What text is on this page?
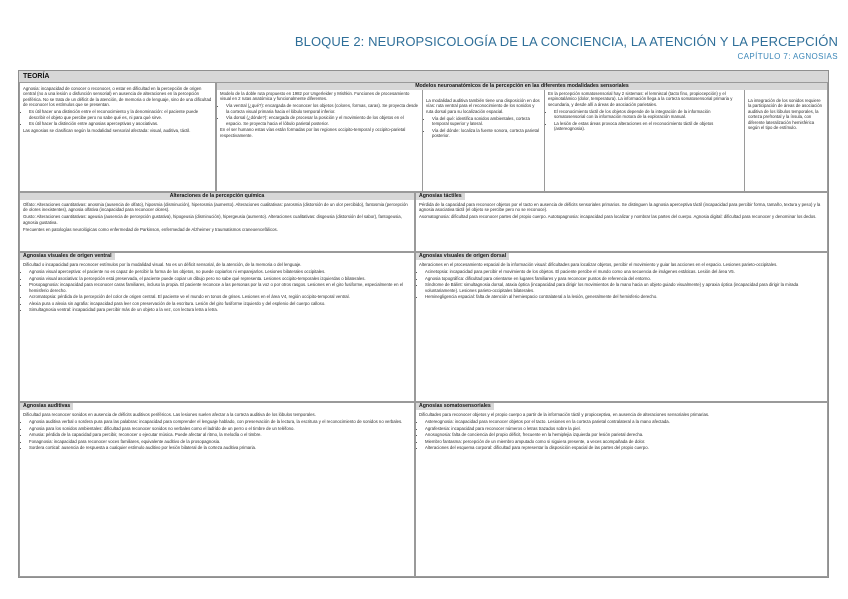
BLOQUE 2: NEUROPSICOLOGÍA DE LA CONCIENCIA, LA ATENCIÓN Y LA PERCEPCIÓN
CAPÍTULO 7: AGNOSIAS
TEORÍA

Agnosia: incapacidad de conocer o reconocer, o estar en dificultad en la percepción de origen central (no a una lesión o disfunción sensorial) en ausencia de alteraciones en la percepción periférica. No se trata de un déficit de la atención, de memoria o de lenguaje, sino de una dificultad de reconocer los estímulos que se presentan.

• Es útil hacer una distinción entre el reconocimiento y la denominación: el paciente puede describir el objeto que percibe pero no sabe qué es, ni para qué sirve.
• Es útil hacer la distinción entre agnosias aperceptivas y asociativas.

Las agnosias se clasifican según la modalidad sensorial afectada: visual, auditiva, táctil.

Modelos neuroanatómicos de la percepción en las diferentes modalidades sensoriales

Modelo de la doble ruta propuesto en 1982 por Ungerleider y Mishkin. Funciones de procesamiento visual en 2 rutas anatómica y funcionalmente diferentes.

• Vía ventral (¿qué?): encargada de reconocer los objetos (colores, formas, caras). Se proyecta desde la corteza visual primaria hacia el lóbulo temporal inferior.
• Vía dorsal (¿dónde?): encargada de procesar la posición y el movimiento de los objetos en el espacio. Se proyecta hacia el lóbulo parietal posterior.

En el ser humano estas vías están formadas por las regiones occipito-temporal y occipito-parietal respectivamente.

La modalidad auditiva también tiene una disposición en dos vías: ruta ventral para el reconocimiento de los sonidos y ruta dorsal para su localización espacial.

• Vía del qué: identifica sonidos ambientales, corteza temporal superior y lateral.
• Vía del dónde: localiza la fuente sonora, corteza parietal posterior.

En la percepción somatosensorial hay 2 sistemas: el lemniscal (tacto fino, propiocepción) y el espinotalámico (dolor, temperatura). La información llega a la corteza somatosensorial primaria y secundaria, y desde allí a áreas de asociación parietales.

• El reconocimiento táctil de los objetos depende de la integración de la información somatosensorial con la información motora de la exploración manual.
• La lesión de estas áreas provoca alteraciones en el reconocimiento táctil de objetos (astereognosia).

La integración de los sonidos requiere la participación de áreas de asociación auditiva de los lóbulos temporales, la corteza prefrontal y la ínsula, con diferente lateralización hemisférica según el tipo de estímulo.

Alteraciones de la percepción química

Olfato: Alteraciones cuantitativas: anosmia (ausencia de olfato), hiposmia (disminución), hiperosmia (aumento). Alteraciones cualitativas: parosmia (distorsión de un olor percibido), fantosmia (percepción de olores inexistentes), agnosia olfativa (incapacidad para reconocer olores).

Gusto: Alteraciones cuantitativas: ageusia (ausencia de percepción gustativa), hipogeusia (disminución), hipergeusia (aumento). Alteraciones cualitativas: disgeusia (distorsión del sabor), fantogeusia, agnosia gustativa.

Frecuentes en patologías neurológicas como enfermedad de Parkinson, enfermedad de Alzheimer y traumatismos craneoencefálicos.

Agnosias táctiles

Pérdida de la capacidad para reconocer objetos por el tacto en ausencia de déficits sensoriales primarios. Se distinguen la agnosia aperceptiva táctil (incapacidad para percibir forma, tamaño, textura y peso) y la agnosia asociativa táctil (el objeto se percibe pero no se reconoce).

Asomatognosia: dificultad para reconocer partes del propio cuerpo. Autotopagnosia: incapacidad para localizar y nombrar las partes del cuerpo. Agnosia digital: dificultad para reconocer y denominar los dedos.

Agnosias visuales de origen ventral

Dificultad o incapacidad para reconocer estímulos por la modalidad visual. No es un déficit sensorial, de la atención, de la memoria o del lenguaje.

• Agnosia visual aperceptiva: el paciente no es capaz de percibir la forma de los objetos, no puede copiarlos ni emparejarlos. Lesiones bilaterales occipitales.
• Agnosia visual asociativa: la percepción está preservada, el paciente puede copiar un dibujo pero no sabe qué representa. Lesiones occipito-temporales izquierdas o bilaterales.
• Prosopagnosia: incapacidad para reconocer caras familiares, incluso la propia. El paciente reconoce a las personas por la voz o por otros rasgos. Lesiones en el giro fusiforme, especialmente en el hemisferio derecho.
• Acromatopsia: pérdida de la percepción del color de origen central. El paciente ve el mundo en tonos de grises. Lesiones en el área V4, región occipito-temporal ventral.
• Alexia pura o alexia sin agrafia: incapacidad para leer con preservación de la escritura. Lesión del giro fusiforme izquierdo y del esplenio del cuerpo calloso.
• Simultagnosia ventral: incapacidad para percibir más de un objeto a la vez, con lectura letra a letra.
Agnosias visuales de origen dorsal

Alteraciones en el procesamiento espacial de la información visual: dificultades para localizar objetos, percibir el movimiento y guiar las acciones en el espacio. Lesiones parieto-occipitales.

• Acinetopsia: incapacidad para percibir el movimiento de los objetos. El paciente percibe el mundo como una secuencia de imágenes estáticas. Lesión del área V5.
• Agnosia topográfica: dificultad para orientarse en lugares familiares y para reconocer puntos de referencia del entorno.
• Síndrome de Bálint: simultagnosia dorsal, ataxia óptica (incapacidad para dirigir los movimientos de la mano hacia un objeto guiado visualmente) y apraxia óptica (incapacidad para dirigir la mirada voluntariamente). Lesiones parieto-occipitales bilaterales.
• Heminegligencia espacial: falta de atención al hemiespacio contralateral a la lesión, generalmente del hemisferio derecho.
Agnosias auditivas

Dificultad para reconocer sonidos en ausencia de déficits auditivos periféricos. Las lesiones suelen afectar a la corteza auditiva de los lóbulos temporales.

• Agnosia auditiva verbal o sordera pura para las palabras: incapacidad para comprender el lenguaje hablado, con preservación de la lectura, la escritura y el reconocimiento de sonidos no verbales.
• Agnosia para los sonidos ambientales: dificultad para reconocer sonidos no verbales como el ladrido de un perro o el timbre de un teléfono.
• Amusia: pérdida de la capacidad para percibir, reconocer o ejecutar música. Puede afectar al ritmo, la melodía o el timbre.
• Fonagnosia: incapacidad para reconocer voces familiares, equivalente auditivo de la prosopagnosia.
• Sordera cortical: ausencia de respuesta a cualquier estímulo auditivo por lesión bilateral de la corteza auditiva primaria.
Agnosias somatosensoriales

Dificultades para reconocer objetos y el propio cuerpo a partir de la información táctil y propioceptiva, en ausencia de alteraciones sensoriales primarias.

• Astereognosia: incapacidad para reconocer objetos por el tacto. Lesiones en la corteza parietal contralateral a la mano afectada.
• Agrafestesia: incapacidad para reconocer números o letras trazados sobre la piel.
• Anosognosia: falta de conciencia del propio déficit, frecuente en la hemiplejia izquierda por lesión parietal derecha.
• Miembro fantasma: percepción de un miembro amputado como si siguiera presente, a veces acompañada de dolor.
• Alteraciones del esquema corporal: dificultad para representar la disposición espacial de las partes del propio cuerpo.
